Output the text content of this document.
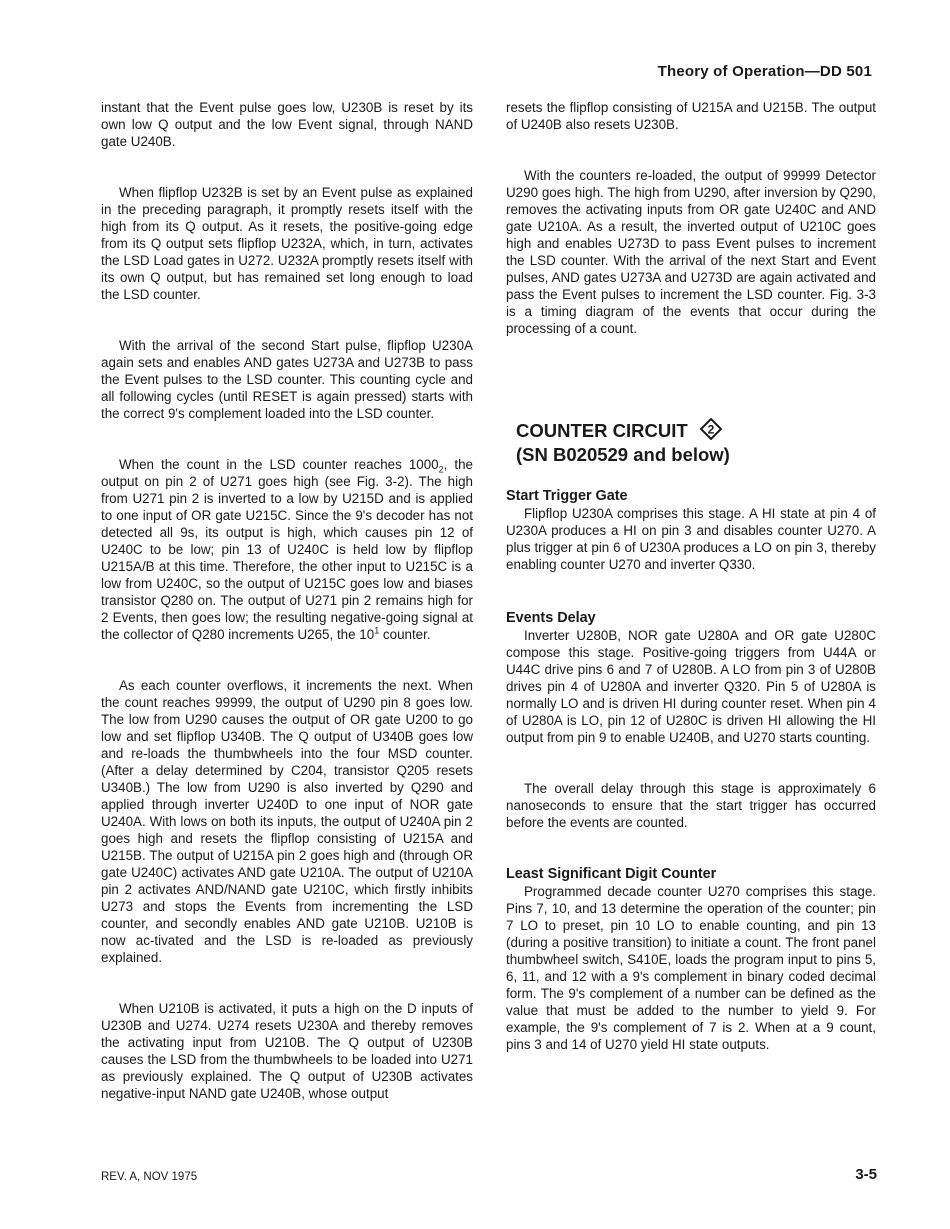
Theory of Operation—DD 501

instant that the Event pulse goes low, U230B is reset by its own low Q output and the low Event signal, through NAND gate U240B.

When flipflop U232B is set by an Event pulse as explained in the preceding paragraph, it promptly resets itself with the high from its Q output. As it resets, the positive-going edge from its Q output sets flipflop U232A, which, in turn, activates the LSD Load gates in U272. U232A promptly resets itself with its own Q output, but has remained set long enough to load the LSD counter.

With the arrival of the second Start pulse, flipflop U230A again sets and enables AND gates U273A and U273B to pass the Event pulses to the LSD counter. This counting cycle and all following cycles (until RESET is again pressed) starts with the correct 9's complement loaded into the LSD counter.

When the count in the LSD counter reaches $1000_2$, the output on pin 2 of U271 goes high (see Fig. 3-2). The high from U271 pin 2 is inverted to a low by U215D and is applied to one input of OR gate U215C. Since the 9's decoder has not detected all 9s, its output is high, which causes pin 12 of U240C to be low; pin 13 of U240C is held low by flipflop U215A/B at this time. Therefore, the other input to U215C is a low from U240C, so the output of U215C goes low and biases transistor Q280 on. The output of U271 pin 2 remains high for 2 Events, then goes low; the resulting negative-going signal at the collector of Q280 increments U265, the $10^1$ counter.

As each counter overflows, it increments the next. When the count reaches 99999, the output of U290 pin 8 goes low. The low from U290 causes the output of OR gate U200 to go low and set flipflop U340B. The Q output of U340B goes low and re-loads the thumbwheels into the four MSD counter. (After a delay determined by C204, transistor Q205 resets U340B.) The low from U290 is also inverted by Q290 and applied through inverter U240D to one input of NOR gate U240A. With lows on both its inputs, the output of U240A pin 2 goes high and resets the flipflop consisting of U215A and U215B. The output of U215A pin 2 goes high and (through OR gate U240C) activates AND gate U210A. The output of U210A pin 2 activates AND/NAND gate U210C, which firstly inhibits U273 and stops the Events from incrementing the LSD counter, and secondly enables AND gate U210B. U210B is now ac-tivated and the LSD is re-loaded as previously explained.

When U210B is activated, it puts a high on the D inputs of U230B and U274. U274 resets U230A and thereby removes the activating input from U210B. The Q output of U230B causes the LSD from the thumbwheels to be loaded into U271 as previously explained. The Q output of U230B activates negative-input NAND gate U240B, whose output

resets the flipflop consisting of U215A and U215B. The output of U240B also resets U230B.

With the counters re-loaded, the output of 99999 Detector U290 goes high. The high from U290, after inversion by Q290, removes the activating inputs from OR gate U240C and AND gate U210A. As a result, the inverted output of U210C goes high and enables U273D to pass Event pulses to increment the LSD counter. With the arrival of the next Start and Event pulses, AND gates U273A and U273D are again activated and pass the Event pulses to increment the LSD counter. Fig. 3-3 is a timing diagram of the events that occur during the processing of a count.

COUNTER CIRCUIT 2

(SN B020529 and below)

Start Trigger Gate

Flipflop U230A comprises this stage. A HI state at pin 4 of U230A produces a HI on pin 3 and disables counter U270. A plus trigger at pin 6 of U230A produces a LO on pin 3, thereby enabling counter U270 and inverter Q330.

Events Delay

Inverter U280B, NOR gate U280A and OR gate U280C compose this stage. Positive-going triggers from U44A or U44C drive pins 6 and 7 of U280B. A LO from pin 3 of U280B drives pin 4 of U280A and inverter Q320. Pin 5 of U280A is normally LO and is driven HI during counter reset. When pin 4 of U280A is LO, pin 12 of U280C is driven HI allowing the HI output from pin 9 to enable U240B, and U270 starts counting.

The overall delay through this stage is approximately 6 nanoseconds to ensure that the start trigger has occurred before the events are counted.

Least Significant Digit Counter

Programmed decade counter U270 comprises this stage. Pins 7, 10, and 13 determine the operation of the counter; pin 7 LO to preset, pin 10 LO to enable counting, and pin 13 (during a positive transition) to initiate a count. The front panel thumbwheel switch, S410E, loads the program input to pins 5, 6, 11, and 12 with a 9's complement in binary coded decimal form. The 9's complement of a number can be defined as the value that must be added to the number to yield 9. For example, the 9's complement of 7 is 2. When at a 9 count, pins 3 and 14 of U270 yield HI state outputs.

REV. A, NOV 1975	3-5
